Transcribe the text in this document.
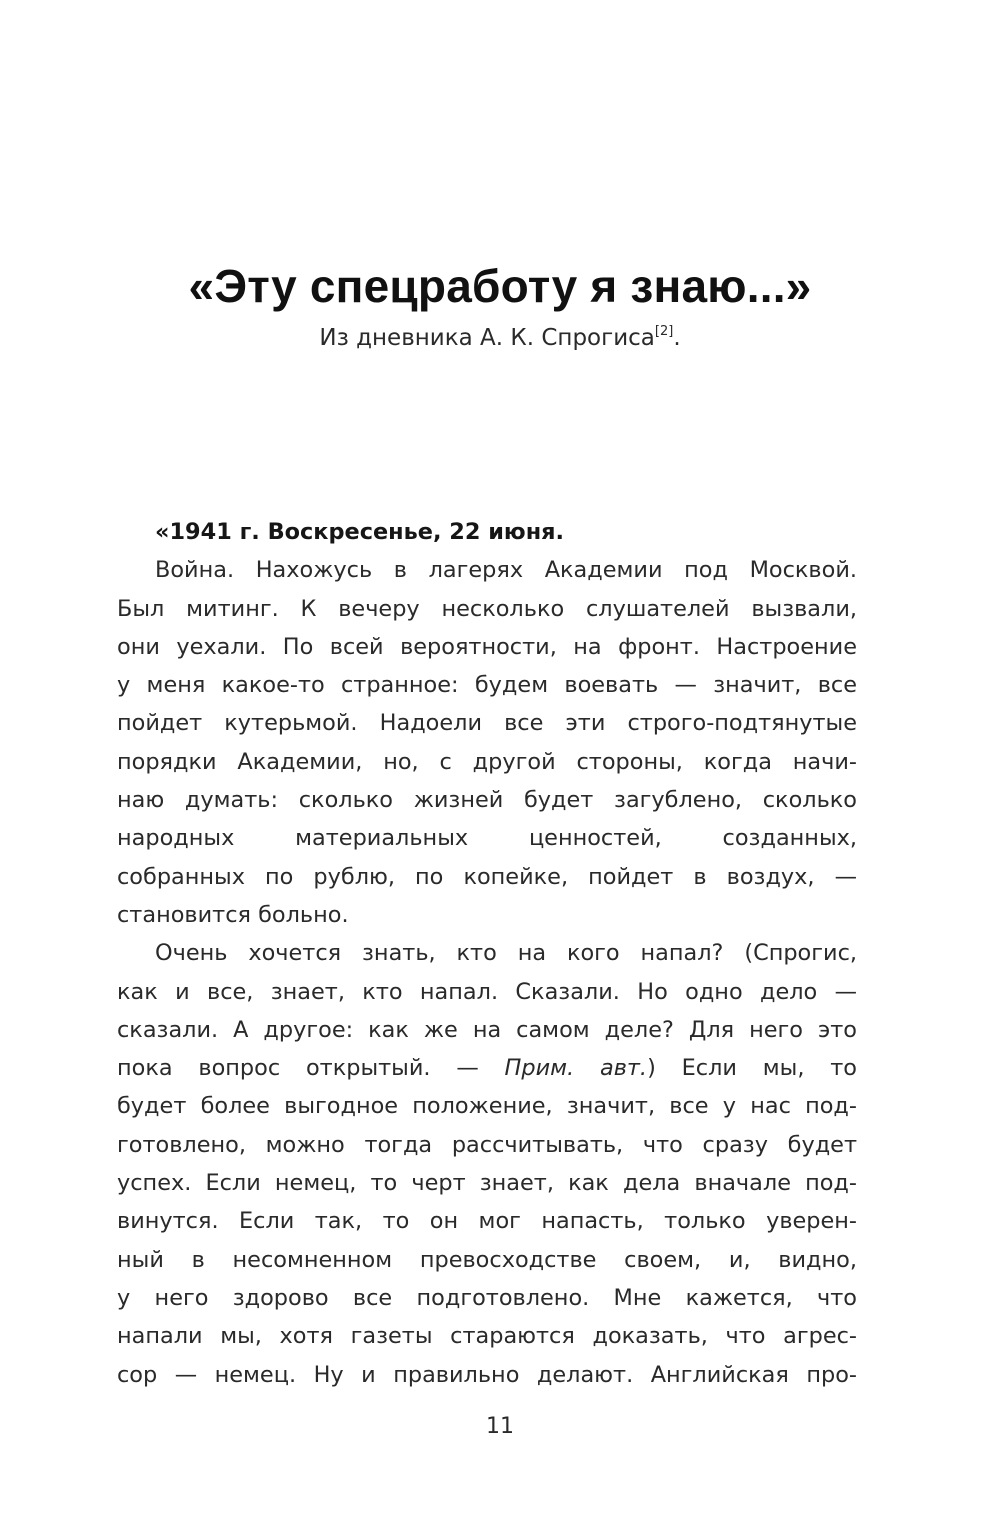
«Эту спецработу я знаю...»
Из дневника А. К. Спрогиса[2].
«1941 г. Воскресенье, 22 июня.
Война. Нахожусь в лагерях Академии под Москвой.
Был митинг. К вечеру несколько слушателей вызвали,
они уехали. По всей вероятности, на фронт. Настроение
у меня какое-то странное: будем воевать — значит, все
пойдет кутерьмой. Надоели все эти строго-подтянутые
порядки Академии, но, с другой стороны, когда начи-
наю думать: сколько жизней будет загублено, сколько
народных материальных ценностей, созданных,
собранных по рублю, по копейке, пойдет в воздух, —
становится больно.
Очень хочется знать, кто на кого напал? (Спрогис,
как и все, знает, кто напал. Сказали. Но одно дело —
сказали. А другое: как же на самом деле? Для него это
пока вопрос открытый. — Прим. авт.) Если мы, то
будет более выгодное положение, значит, все у нас под-
готовлено, можно тогда рассчитывать, что сразу будет
успех. Если немец, то черт знает, как дела вначале под-
винутся. Если так, то он мог напасть, только уверен-
ный в несомненном превосходстве своем, и, видно,
у него здорово все подготовлено. Мне кажется, что
напали мы, хотя газеты стараются доказать, что агрес-
сор — немец. Ну и правильно делают. Английская про-
11
